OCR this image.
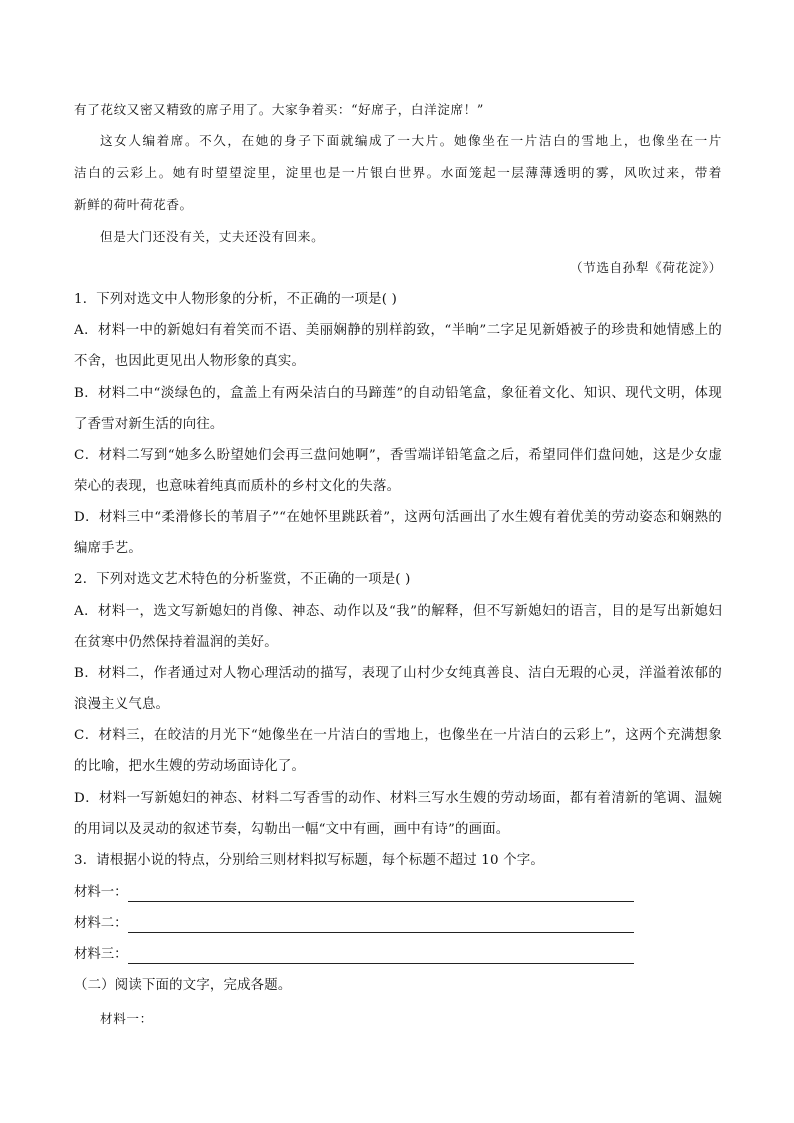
有了花纹又密又精致的席子用了。大家争着买：“好席子，白洋淀席！”
这女人编着席。不久，在她的身子下面就编成了一大片。她像坐在一片洁白的雪地上，也像坐在一片
洁白的云彩上。她有时望望淀里，淀里也是一片银白世界。水面笼起一层薄薄透明的雾，风吹过来，带着
新鲜的荷叶荷花香。
但是大门还没有关，丈夫还没有回来。
（节选自孙犁《荷花淀》）
1．下列对选文中人物形象的分析，不正确的一项是( )
A．材料一中的新媳妇有着笑而不语、美丽娴静的别样韵致，“半晌”二字足见新婚被子的珍贵和她情感上的
不舍，也因此更见出人物形象的真实。
B．材料二中“淡绿色的，盒盖上有两朵洁白的马蹄莲”的自动铅笔盒，象征着文化、知识、现代文明，体现
了香雪对新生活的向往。
C．材料二写到“她多么盼望她们会再三盘问她啊”，香雪端详铅笔盒之后，希望同伴们盘问她，这是少女虚
荣心的表现，也意味着纯真而质朴的乡村文化的失落。
D．材料三中“柔滑修长的苇眉子”“在她怀里跳跃着”，这两句活画出了水生嫂有着优美的劳动姿态和娴熟的
编席手艺。
2．下列对选文艺术特色的分析鉴赏，不正确的一项是( )
A．材料一，选文写新媳妇的肖像、神态、动作以及“我”的解释，但不写新媳妇的语言，目的是写出新媳妇
在贫寒中仍然保持着温润的美好。
B．材料二，作者通过对人物心理活动的描写，表现了山村少女纯真善良、洁白无瑕的心灵，洋溢着浓郁的
浪漫主义气息。
C．材料三，在皎洁的月光下“她像坐在一片洁白的雪地上，也像坐在一片洁白的云彩上”，这两个充满想象
的比喻，把水生嫂的劳动场面诗化了。
D．材料一写新媳妇的神态、材料二写香雪的动作、材料三写水生嫂的劳动场面，都有着清新的笔调、温婉
的用词以及灵动的叙述节奏，勾勒出一幅“文中有画，画中有诗”的画面。
3．请根据小说的特点，分别给三则材料拟写标题，每个标题不超过 10 个字。
材料一：
材料二：
材料三：
（二）阅读下面的文字，完成各题。
材料一：
